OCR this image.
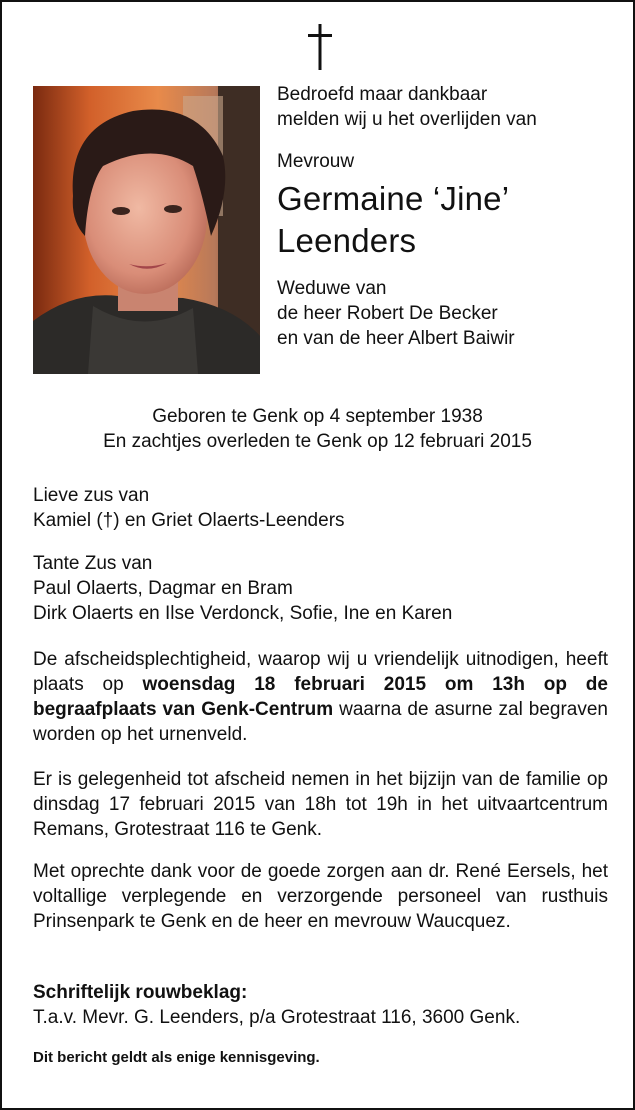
Bedroefd maar dankbaar
melden wij u het overlijden van
Mevrouw
Germaine ‘Jine’
Leenders
Weduwe van
de heer Robert De Becker
en van de heer Albert Baiwir
Geboren te Genk op 4 september 1938
En zachtjes overleden te Genk op 12 februari 2015
Lieve zus van
Kamiel (†) en Griet Olaerts-Leenders
Tante Zus van
Paul Olaerts, Dagmar en Bram
Dirk Olaerts en Ilse Verdonck, Sofie, Ine en Karen
De afscheidsplechtigheid, waarop wij u vriendelijk uitnodigen, heeft plaats op woensdag 18 februari 2015 om 13h op de begraafplaats van Genk-Centrum waarna de asurne zal begraven worden op het urnenveld.
Er is gelegenheid tot afscheid nemen in het bijzijn van de familie op dinsdag 17 februari 2015 van 18h tot 19h in het uitvaartcentrum Remans, Grotestraat 116 te Genk.
Met oprechte dank voor de goede zorgen aan dr. René Eersels, het voltallige verplegende en verzorgende personeel van rusthuis Prinsenpark te Genk en de heer en mevrouw Waucquez.
Schriftelijk rouwbeklag:
T.a.v. Mevr. G. Leenders, p/a Grotestraat 116, 3600 Genk.
Dit bericht geldt als enige kennisgeving.
